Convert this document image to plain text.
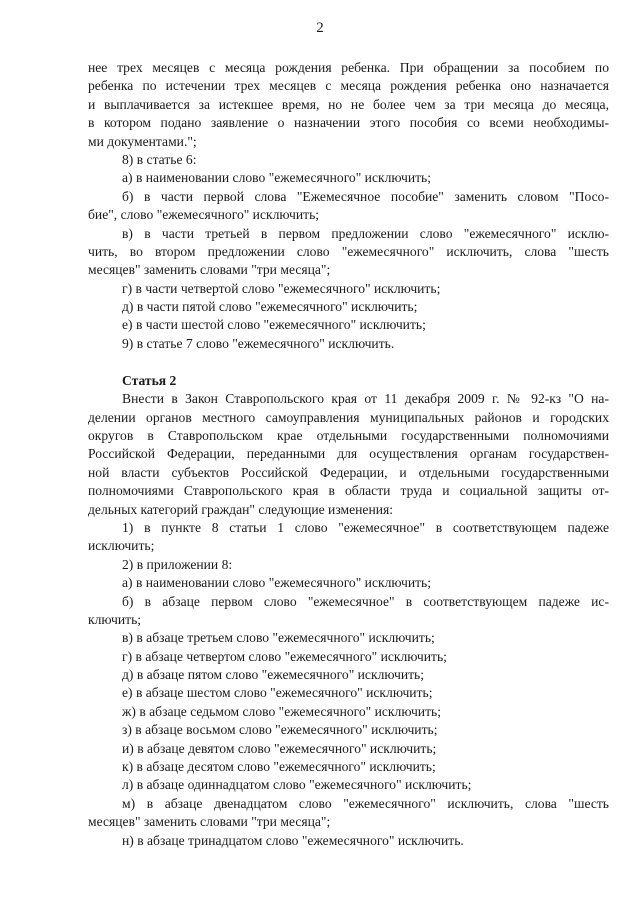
2
нее трех месяцев с месяца рождения ребенка. При обращении за пособием по
ребенка по истечении трех месяцев с месяца рождения ребенка оно назначается
и выплачивается за истекшее время, но не более чем за три месяца до месяца,
в котором подано заявление о назначении этого пособия со всеми необходимы-
ми документами.";
8) в статье 6:
а) в наименовании слово "ежемесячного" исключить;
б) в части первой слова "Ежемесячное пособие" заменить словом "Посо-
бие", слово "ежемесячного" исключить;
в) в части третьей в первом предложении слово "ежемесячного" исклю-
чить, во втором предложении слово "ежемесячного" исключить, слова "шесть
месяцев" заменить словами "три месяца";
г) в части четвертой слово "ежемесячного" исключить;
д) в части пятой слово "ежемесячного" исключить;
е) в части шестой слово "ежемесячного" исключить;
9) в статье 7 слово "ежемесячного" исключить.
Статья 2
Внести в Закон Ставропольского края от 11 декабря 2009 г. № 92-кз "О на-
делении органов местного самоуправления муниципальных районов и городских
округов в Ставропольском крае отдельными государственными полномочиями
Российской Федерации, переданными для осуществления органам государствен-
ной власти субъектов Российской Федерации, и отдельными государственными
полномочиями Ставропольского края в области труда и социальной защиты от-
дельных категорий граждан" следующие изменения:
1) в пункте 8 статьи 1 слово "ежемесячное" в соответствующем падеже
исключить;
2) в приложении 8:
а) в наименовании слово "ежемесячного" исключить;
б) в абзаце первом слово "ежемесячное" в соответствующем падеже ис-
ключить;
в) в абзаце третьем слово "ежемесячного" исключить;
г) в абзаце четвертом слово "ежемесячного" исключить;
д) в абзаце пятом слово "ежемесячного" исключить;
е) в абзаце шестом слово "ежемесячного" исключить;
ж) в абзаце седьмом слово "ежемесячного" исключить;
з) в абзаце восьмом слово "ежемесячного" исключить;
и) в абзаце девятом слово "ежемесячного" исключить;
к) в абзаце десятом слово "ежемесячного" исключить;
л) в абзаце одиннадцатом слово "ежемесячного" исключить;
м) в абзаце двенадцатом слово "ежемесячного" исключить, слова "шесть
месяцев" заменить словами "три месяца";
н) в абзаце тринадцатом слово "ежемесячного" исключить.
